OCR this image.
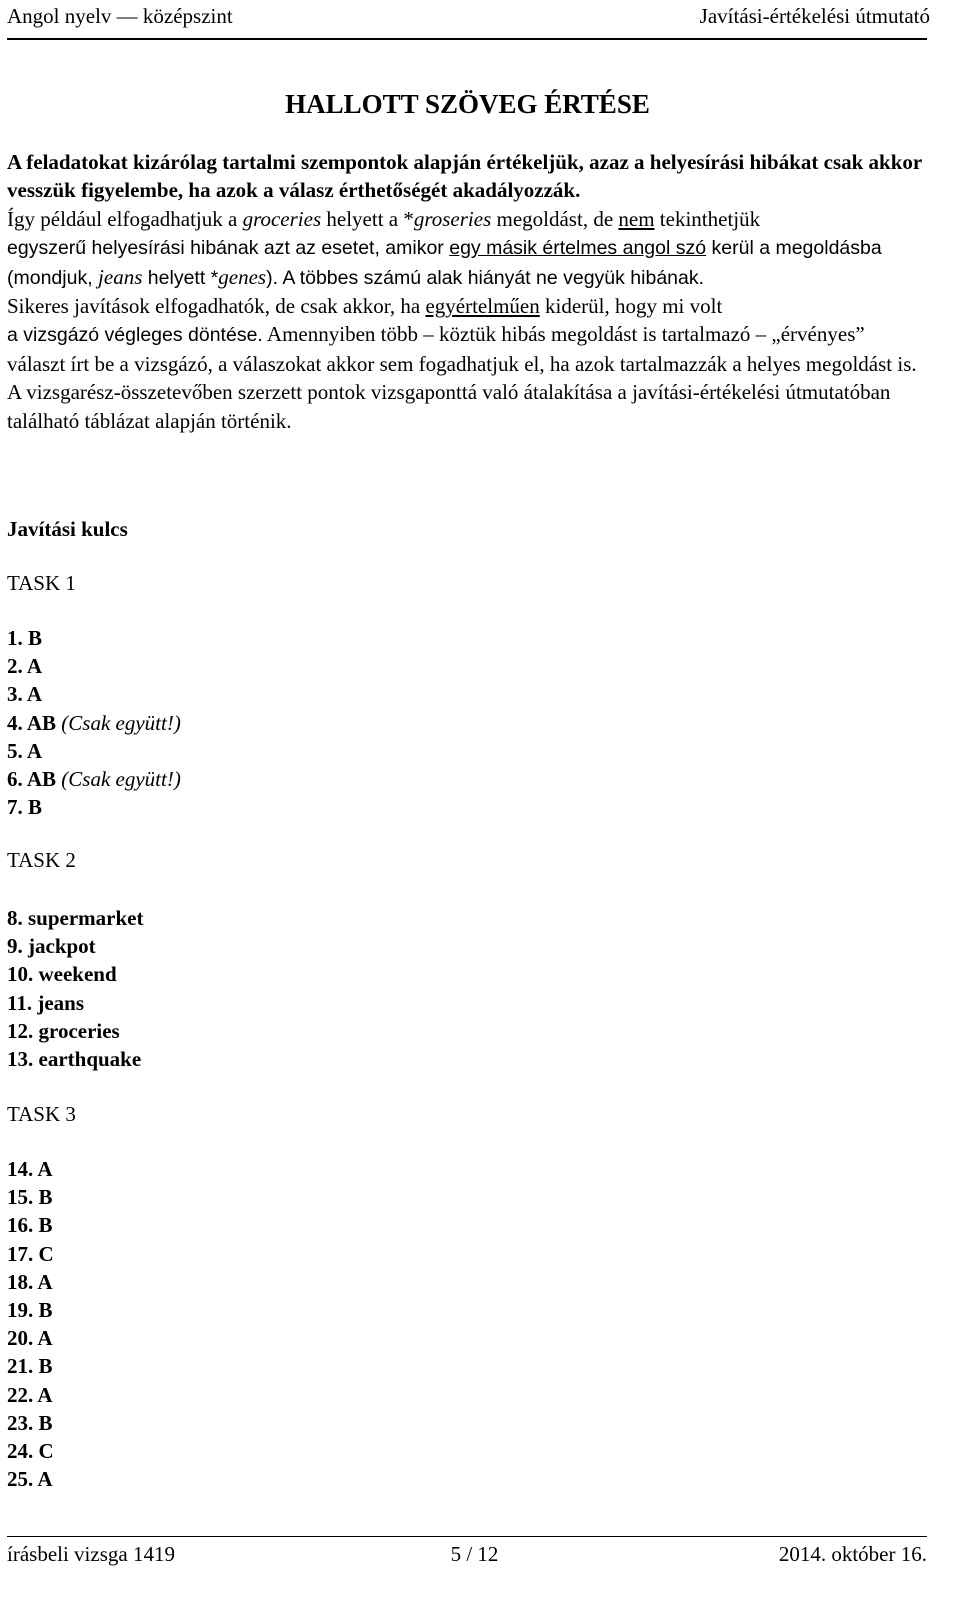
Angol nyelv — középszint	Javítási-értékelési útmutató
HALLOTT SZÖVEG ÉRTÉSE

A feladatokat kizárólag tartalmi szempontok alapján értékeljük, azaz a helyesírási hibákat csak akkor vesszük figyelembe, ha azok a válasz érthetőségét akadályozzák.

Így például elfogadhatjuk a groceries helyett a *groseries megoldást, de nem tekinthetjük
egyszerű helyesírási hibának azt az esetet, amikor egy másik értelmes angol szó kerül a megoldásba (mondjuk, jeans helyett *genes). A többes számú alak hiányát ne vegyük hibának.

Sikeres javítások elfogadhatók, de csak akkor, ha egyértelműen kiderül, hogy mi volt
a vizsgázó végleges döntése. Amennyiben több – köztük hibás megoldást is tartalmazó – „érvényes” választ írt be a vizsgázó, a válaszokat akkor sem fogadhatjuk el, ha azok tartalmazzák a helyes megoldást is.

A vizsgarész-összetevőben szerzett pontok vizsgaponttá való átalakítása a javítási-értékelési útmutatóban található táblázat alapján történik.

Javítási kulcs
TASK 1
1. B
2. A
3. A
4. AB (Csak együtt!)
5. A
6. AB (Csak együtt!)
7. B
TASK 2
8. supermarket
9. jackpot
10. weekend
11. jeans
12. groceries
13. earthquake
TASK 3
14. A
15. B
16. B
17. C
18. A
19. B
20. A
21. B
22. A
23. B
24. C
25. A
írásbeli vizsga 1419	5 / 12	2014. október 16.
